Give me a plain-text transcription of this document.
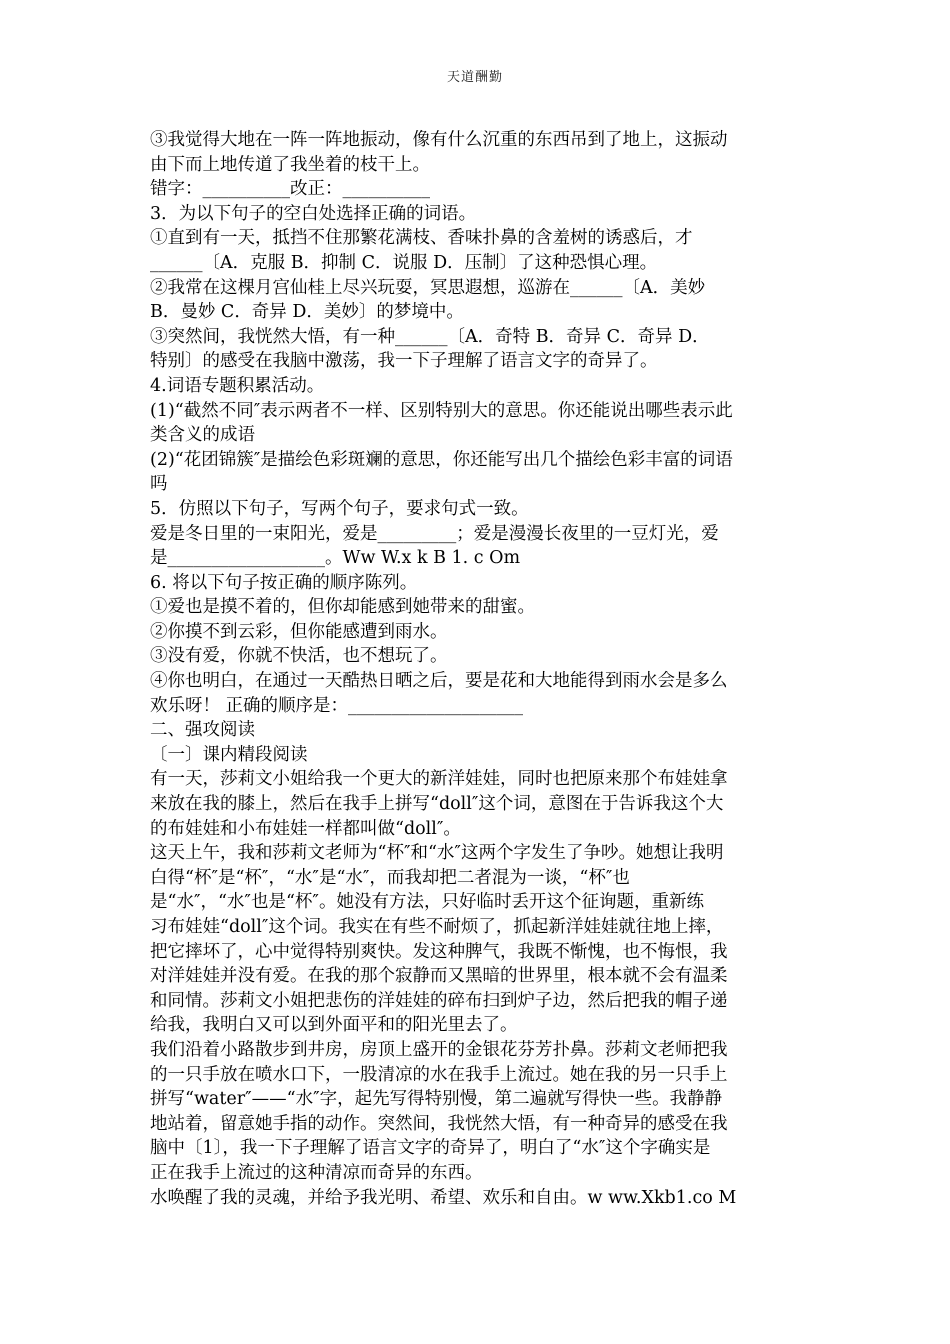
天道酬勤
③我觉得大地在一阵一阵地振动，像有什么沉重的东西吊到了地上，这振动
由下而上地传道了我坐着的枝干上。
错字：__________改正：__________
3．为以下句子的空白处选择正确的词语。
①直到有一天，抵挡不住那繁花满枝、香味扑鼻的含羞树的诱惑后，才
______〔A．克服 B．抑制 C．说服 D．压制〕了这种恐惧心理。
②我常在这棵月宫仙桂上尽兴玩耍，冥思遐想，巡游在______〔A．美妙
B．曼妙 C．奇异 D．美妙〕的梦境中。
③突然间，我恍然大悟，有一种______〔A．奇特 B．奇异 C．奇异 D．
特别〕的感受在我脑中激荡，我一下子理解了语言文字的奇异了。
4.词语专题积累活动。
(1)“截然不同″表示两者不一样、区别特别大的意思。你还能说出哪些表示此
类含义的成语
(2)“花团锦簇″是描绘色彩斑斓的意思，你还能写出几个描绘色彩丰富的词语
吗
5．仿照以下句子，写两个句子，要求句式一致。
爱是冬日里的一束阳光，爱是_________；爱是漫漫长夜里的一豆灯光，爱
是__________________。Ww W.x k B 1. c Om
6. 将以下句子按正确的顺序陈列。
①爱也是摸不着的，但你却能感到她带来的甜蜜。
②你摸不到云彩，但你能感遭到雨水。
③没有爱，你就不快活，也不想玩了。
④你也明白，在通过一天酷热日晒之后，要是花和大地能得到雨水会是多么
欢乐呀！ 正确的顺序是：____________________
二、强攻阅读
〔一〕课内精段阅读
有一天，莎莉文小姐给我一个更大的新洋娃娃，同时也把原来那个布娃娃拿
来放在我的膝上，然后在我手上拼写“doll″这个词，意图在于告诉我这个大
的布娃娃和小布娃娃一样都叫做“doll″。
这天上午，我和莎莉文老师为“杯″和“水″这两个字发生了争吵。她想让我明
白得“杯″是“杯″，“水″是“水″，而我却把二者混为一谈，“杯″也
是“水″，“水″也是“杯″。她没有方法，只好临时丢开这个征询题，重新练
习布娃娃“doll″这个词。我实在有些不耐烦了，抓起新洋娃娃就往地上摔，
把它摔坏了，心中觉得特别爽快。发这种脾气，我既不惭愧，也不悔恨，我
对洋娃娃并没有爱。在我的那个寂静而又黑暗的世界里，根本就不会有温柔
和同情。莎莉文小姐把悲伤的洋娃娃的碎布扫到炉子边，然后把我的帽子递
给我，我明白又可以到外面平和的阳光里去了。
我们沿着小路散步到井房，房顶上盛开的金银花芬芳扑鼻。莎莉文老师把我
的一只手放在喷水口下，一股清凉的水在我手上流过。她在我的另一只手上
拼写“water″——“水″字，起先写得特别慢，第二遍就写得快一些。我静静
地站着，留意她手指的动作。突然间，我恍然大悟，有一种奇异的感受在我
脑中〔1〕，我一下子理解了语言文字的奇异了，明白了“水″这个字确实是
正在我手上流过的这种清凉而奇异的东西。
水唤醒了我的灵魂，并给予我光明、希望、欢乐和自由。w ww.Xkb1.co M
